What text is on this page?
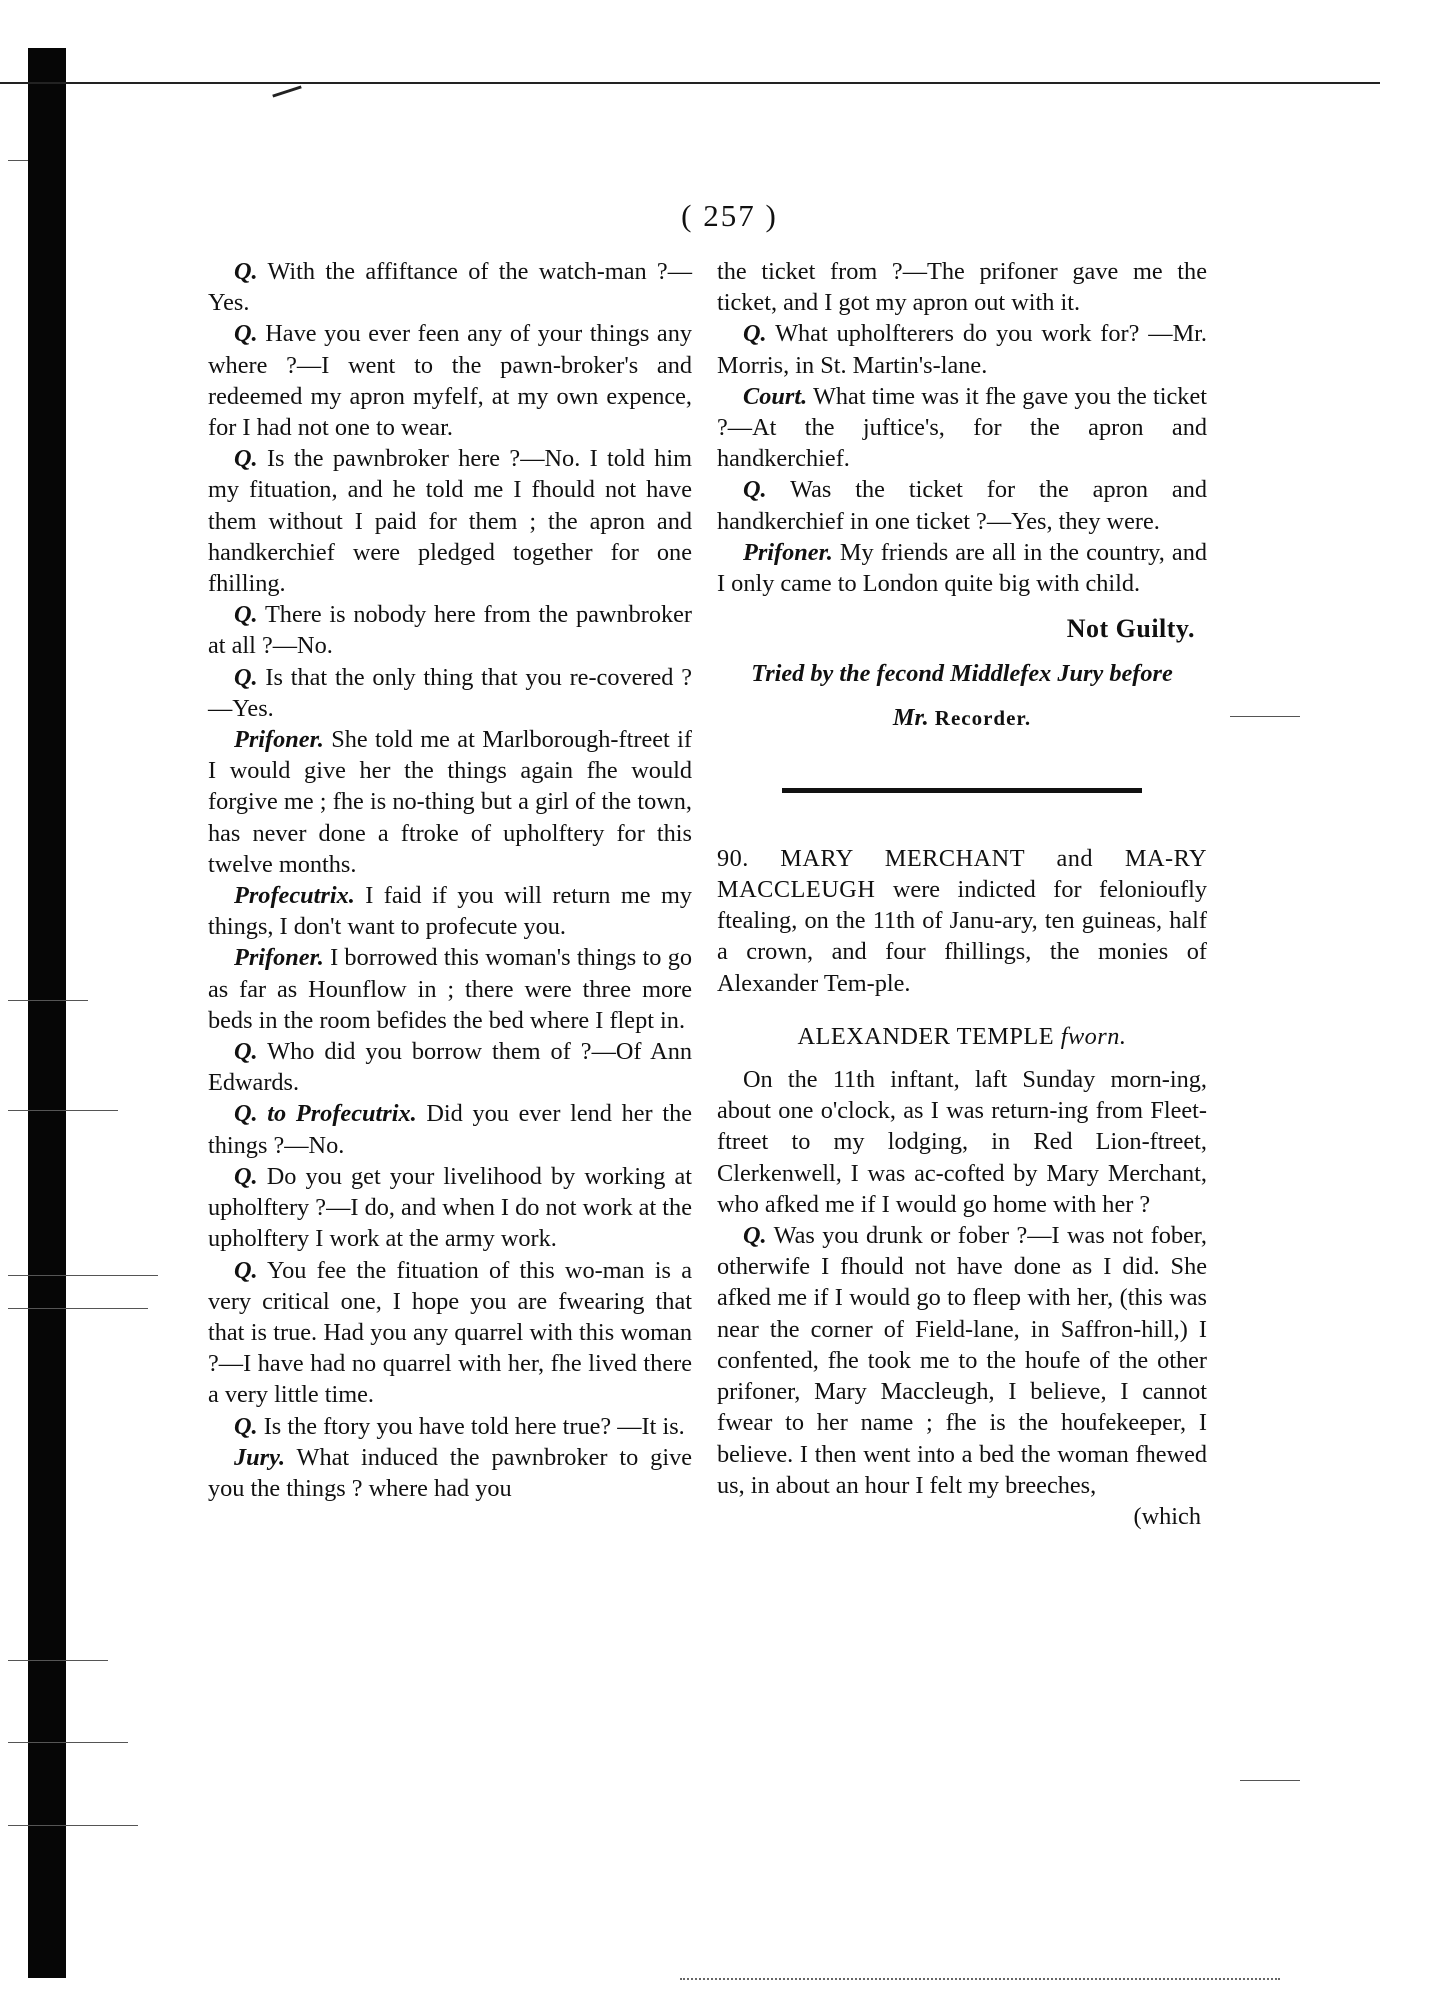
( 257 )

Q. With the affiftance of the watch-man ?—Yes.

Q. Have you ever feen any of your things any where ?—I went to the pawn-broker's and redeemed my apron myfelf, at my own expence, for I had not one to wear.

Q. Is the pawnbroker here ?—No. I told him my fituation, and he told me I fhould not have them without I paid for them ; the apron and handkerchief were pledged together for one fhilling.

Q. There is nobody here from the pawnbroker at all ?—No.

Q. Is that the only thing that you re-covered ?—Yes.

Prifoner. She told me at Marlborough-ftreet if I would give her the things again fhe would forgive me ; fhe is no-thing but a girl of the town, has never done a ftroke of upholftery for this twelve months.

Profecutrix. I faid if you will return me my things, I don't want to profecute you.

Prifoner. I borrowed this woman's things to go as far as Hounflow in ; there were three more beds in the room befides the bed where I flept in.

Q. Who did you borrow them of ?—Of Ann Edwards.

Q. to Profecutrix. Did you ever lend her the things ?—No.

Q. Do you get your livelihood by working at upholftery ?—I do, and when I do not work at the upholftery I work at the army work.

Q. You fee the fituation of this wo-man is a very critical one, I hope you are fwearing that that is true. Had you any quarrel with this woman ?—I have had no quarrel with her, fhe lived there a very little time.

Q. Is the ftory you have told here true? —It is.

Jury. What induced the pawnbroker to give you the things ? where had you

the ticket from ?—The prifoner gave me the ticket, and I got my apron out with it.

Q. What upholfterers do you work for? —Mr. Morris, in St. Martin's-lane.

Court. What time was it fhe gave you the ticket ?—At the juftice's, for the apron and handkerchief.

Q. Was the ticket for the apron and handkerchief in one ticket ?—Yes, they were.

Prifoner. My friends are all in the country, and I only came to London quite big with child.

Not Guilty.

Tried by the fecond Middlefex Jury before

Mr. Recorder.

90. MARY MERCHANT and MA-RY MACCLEUGH were indicted for felonioufly ftealing, on the 11th of Janu-ary, ten guineas, half a crown, and four fhillings, the monies of Alexander Tem-ple.

ALEXANDER TEMPLE fworn.

On the 11th inftant, laft Sunday morn-ing, about one o'clock, as I was return-ing from Fleet-ftreet to my lodging, in Red Lion-ftreet, Clerkenwell, I was ac-cofted by Mary Merchant, who afked me if I would go home with her ?

Q. Was you drunk or fober ?—I was not fober, otherwife I fhould not have done as I did. She afked me if I would go to fleep with her, (this was near the corner of Field-lane, in Saffron-hill,) I confented, fhe took me to the houfe of the other prifoner, Mary Maccleugh, I believe, I cannot fwear to her name ; fhe is the houfekeeper, I believe. I then went into a bed the woman fhewed us, in about an hour I felt my breeches,

(which
